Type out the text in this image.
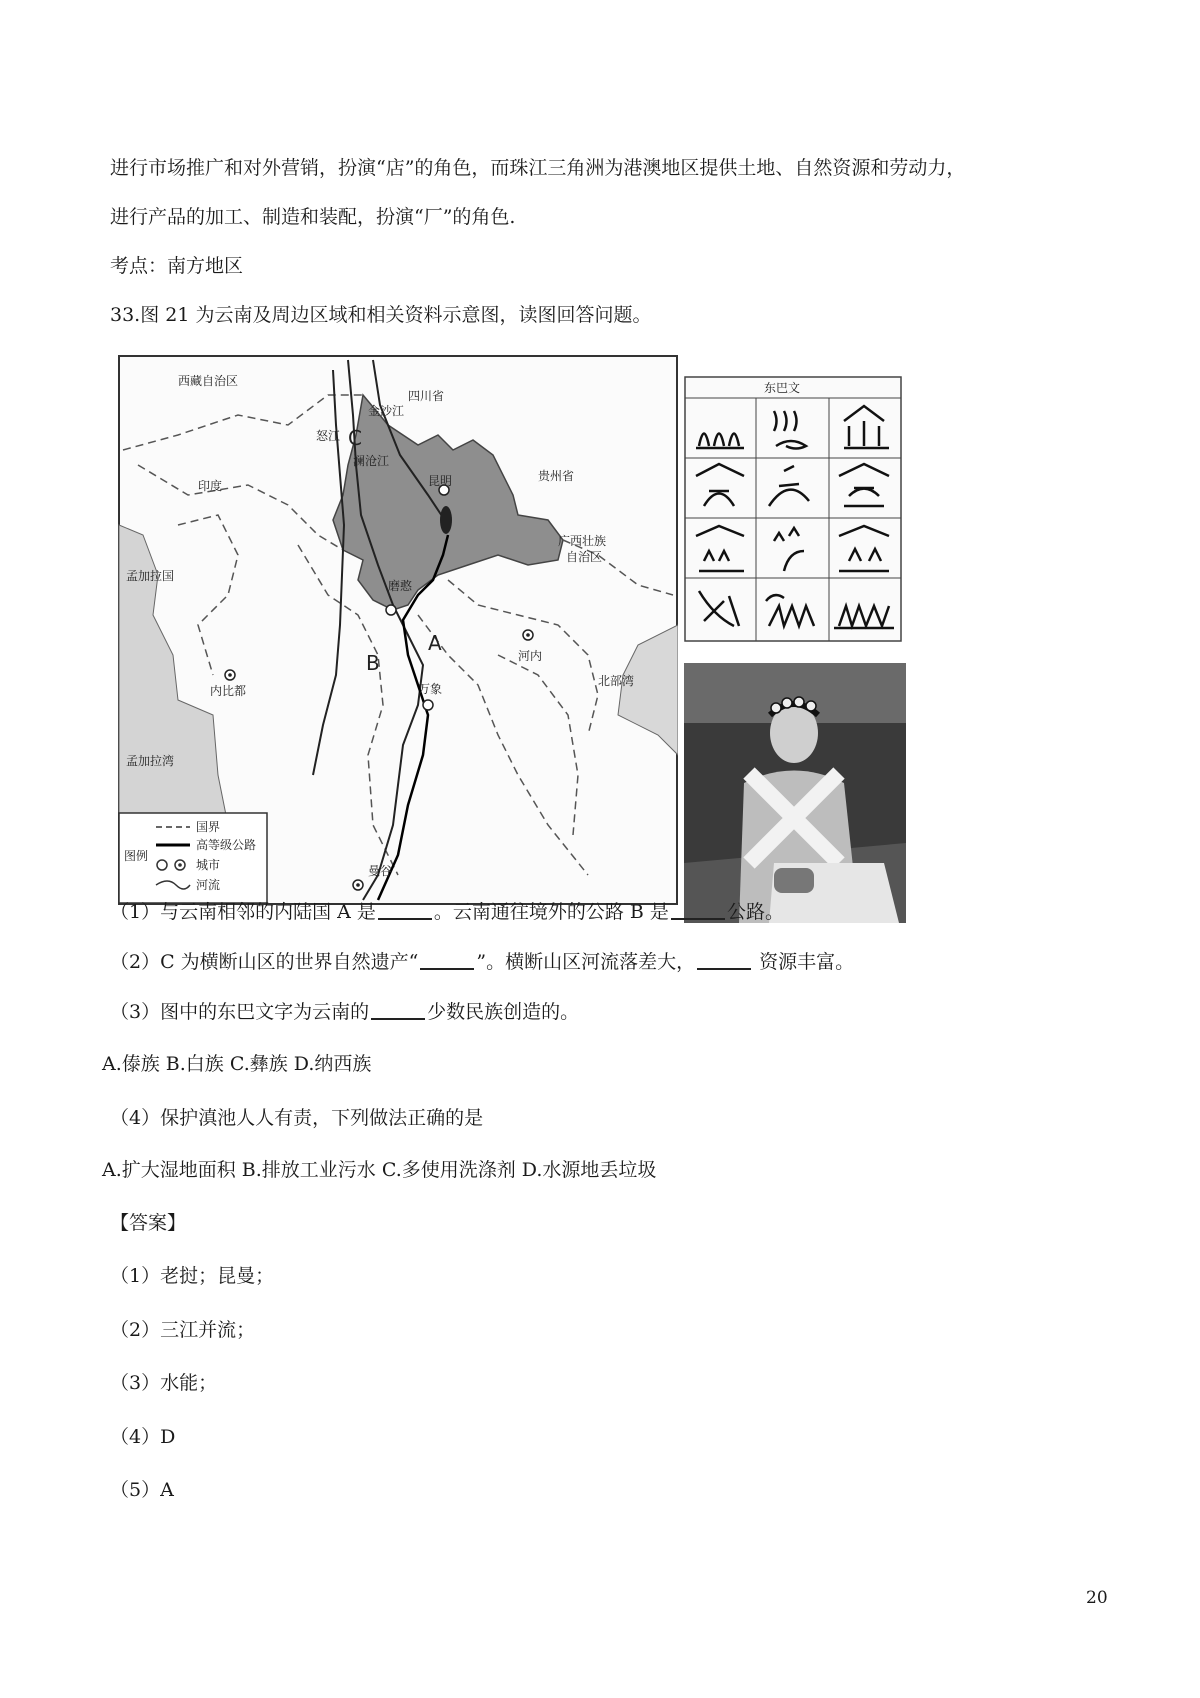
进行市场推广和对外营销，扮演“店”的角色，而珠江三角洲为港澳地区提供土地、自然资源和劳动力，
进行产品的加工、制造和装配，扮演“厂”的角色.
考点：南方地区
33.图 21 为云南及周边区域和相关资料示意图，读图回答问题。
西藏自治区
四川省
贵州省
广西壮族
自治区
昆明
磨憨
河内
内比都	万象
曼谷
金沙江
怒江
澜沧江
孟加拉湾
孟加拉国
印度
北部湾
A
B
C
图例
国界
高等级公路
城市
河流
东巴文
（1）与云南相邻的内陆国 A 是	。云南通往境外的公路 B 是	公路。
（2）C 为横断山区的世界自然遗产“	”。横断山区河流落差大，	资源丰富。
（3）图中的东巴文字为云南的	少数民族创造的。
A.傣族 B.白族 C.彝族 D.纳西族
（4）保护滇池人人有责，下列做法正确的是
A.扩大湿地面积 B.排放工业污水 C.多使用洗涤剂 D.水源地丢垃圾
【答案】
（1）老挝；昆曼；
（2）三江并流；
（3）水能；
（4）D
（5）A
20
